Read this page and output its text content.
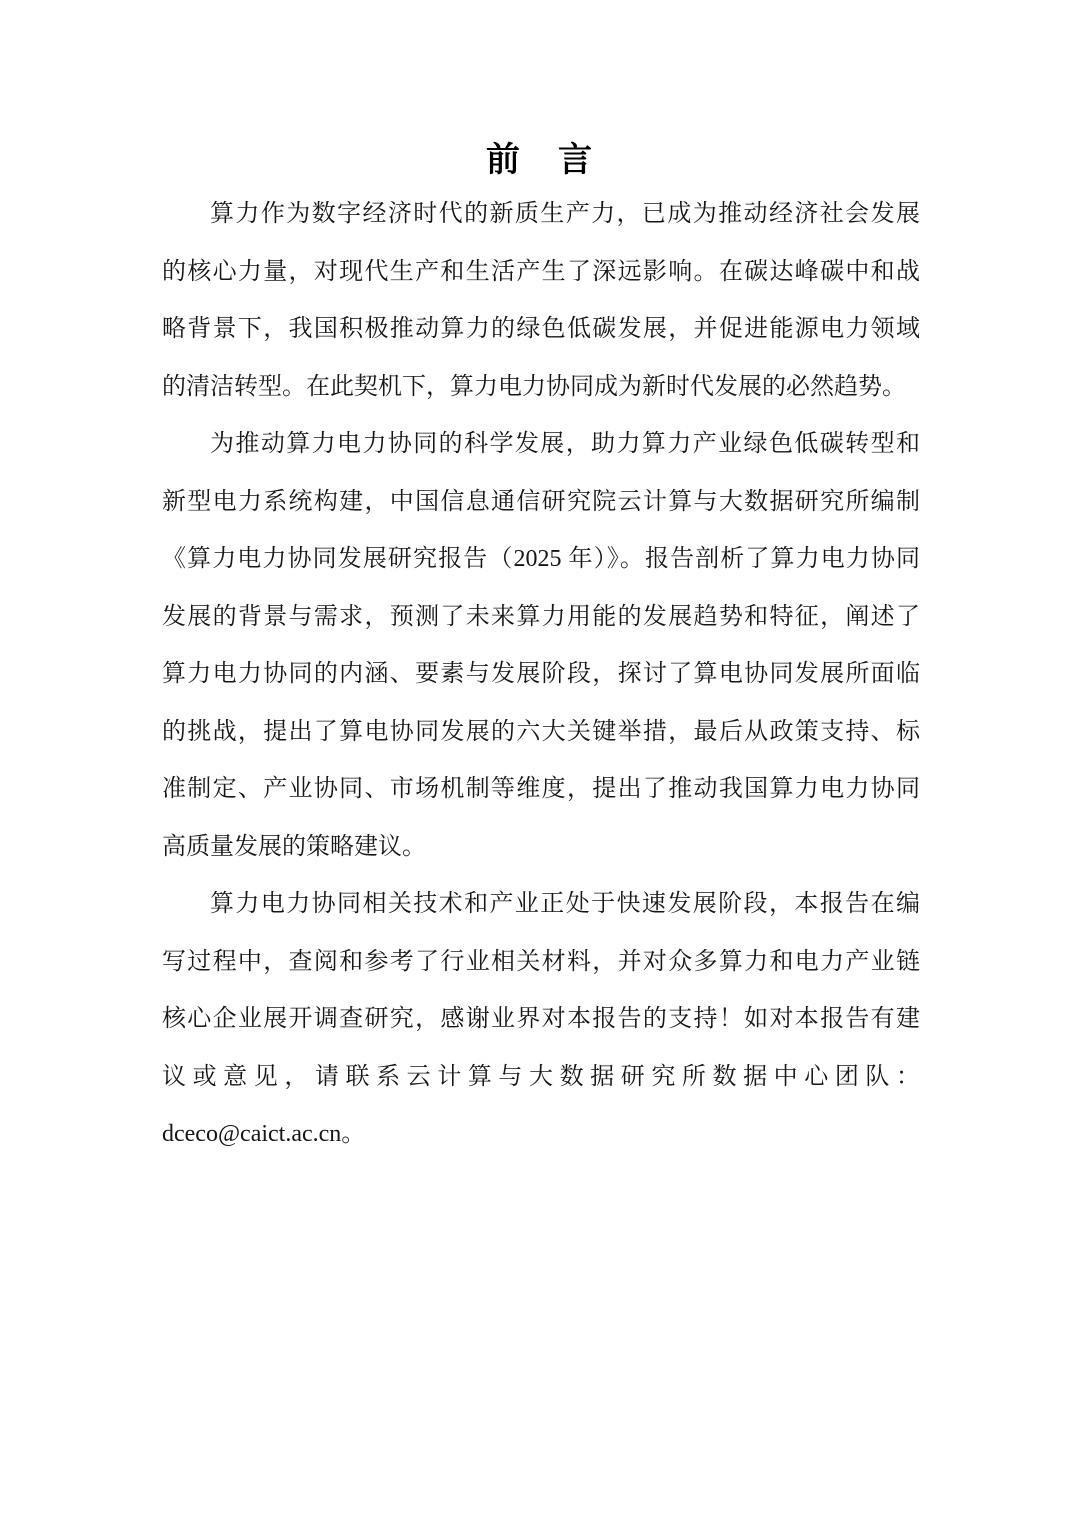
前　言
算力作为数字经济时代的新质生产力，已成为推动经济社会发展
的核心力量，对现代生产和生活产生了深远影响。在碳达峰碳中和战
略背景下，我国积极推动算力的绿色低碳发展，并促进能源电力领域
的清洁转型。在此契机下，算力电力协同成为新时代发展的必然趋势。
为推动算力电力协同的科学发展，助力算力产业绿色低碳转型和
新型电力系统构建，中国信息通信研究院云计算与大数据研究所编制
《算力电力协同发展研究报告（2025 年）》。报告剖析了算力电力协同
发展的背景与需求，预测了未来算力用能的发展趋势和特征，阐述了
算力电力协同的内涵、要素与发展阶段，探讨了算电协同发展所面临
的挑战，提出了算电协同发展的六大关键举措，最后从政策支持、标
准制定、产业协同、市场机制等维度，提出了推动我国算力电力协同
高质量发展的策略建议。
算力电力协同相关技术和产业正处于快速发展阶段，本报告在编
写过程中，查阅和参考了行业相关材料，并对众多算力和电力产业链
核心企业展开调查研究，感谢业界对本报告的支持！如对本报告有建
议或意见，请联系云计算与大数据研究所数据中心团队：
dceco@caict.ac.cn。
